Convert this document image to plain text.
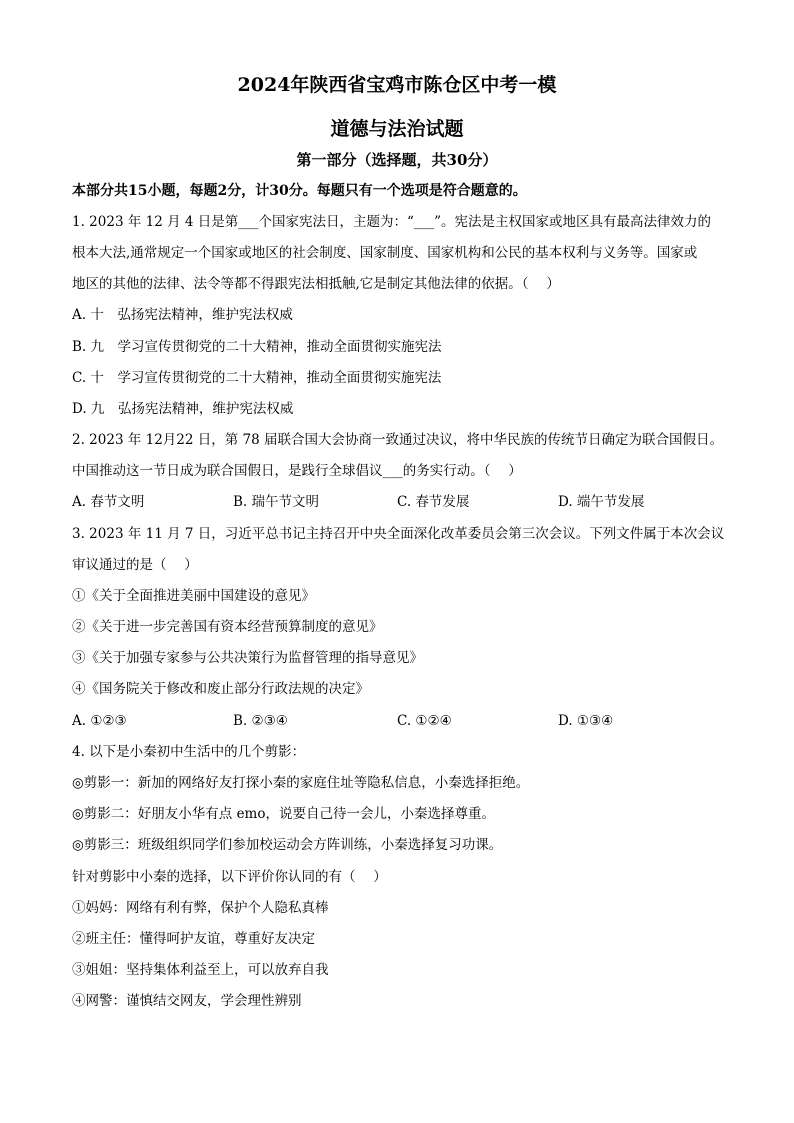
2024年陕西省宝鸡市陈仓区中考一模
道德与法治试题
第一部分（选择题，共30分）
本部分共15小题，每题2分，计30分。每题只有一个选项是符合题意的。
1. 2023 年 12 月 4 日是第___个国家宪法日，主题为：“___”。宪法是主权国家或地区具有最高法律效力的
根本大法,通常规定一个国家或地区的社会制度、国家制度、国家机构和公民的基本权利与义务等。国家或
地区的其他的法律、法令等都不得跟宪法相抵触,它是制定其他法律的依据。（　 ）
A. 十　弘扬宪法精神，维护宪法权威
B. 九　学习宣传贯彻党的二十大精神，推动全面贯彻实施宪法
C. 十　学习宣传贯彻党的二十大精神，推动全面贯彻实施宪法
D. 九　弘扬宪法精神，维护宪法权威
2. 2023 年 12月22 日，第 78 届联合国大会协商一致通过决议，将中华民族的传统节日确定为联合国假日。
中国推动这一节日成为联合国假日，是践行全球倡议___的务实行动。（　 ）
A. 春节文明	B. 瑞午节文明	C. 春节发展	D. 端午节发展
3. 2023 年 11 月 7 日，习近平总书记主持召开中央全面深化改革委员会第三次会议。下列文件属于本次会议
审议通过的是（　 ）
①《关于全面推进美丽中国建设的意见》
②《关于进一步完善国有资本经营预算制度的意见》
③《关于加强专家参与公共决策行为监督管理的指导意见》
④《国务院关于修改和废止部分行政法规的决定》
A. ①②③	B. ②③④	C. ①②④	D. ①③④
4. 以下是小秦初中生活中的几个剪影：
◎剪影一：新加的网络好友打探小秦的家庭住址等隐私信息，小秦选择拒绝。
◎剪影二：好朋友小华有点 emo，说要自己待一会儿，小秦选择尊重。
◎剪影三：班级组织同学们参加校运动会方阵训练，小秦选择复习功课。
针对剪影中小秦的选择，以下评价你认同的有（　 ）
①妈妈：网络有利有弊，保护个人隐私真棒
②班主任：懂得呵护友谊，尊重好友决定
③姐姐：坚持集体利益至上，可以放弃自我
④网警：谨慎结交网友，学会理性辨别
